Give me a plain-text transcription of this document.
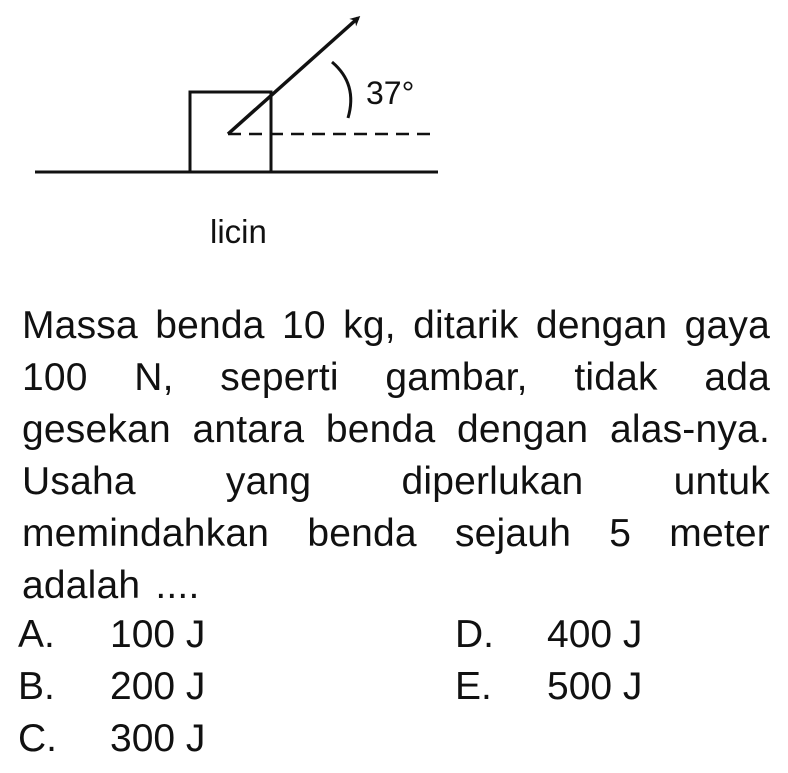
37°
licin

Massa benda 10 kg, ditarik dengan gaya 100 N, seperti gambar, tidak ada gesekan antara benda dengan alas-nya. Usaha yang diperlukan untuk memindahkan benda sejauh 5 meter adalah ....

A. 100 J
B. 200 J
C. 300 J
D. 400 J
E. 500 J
